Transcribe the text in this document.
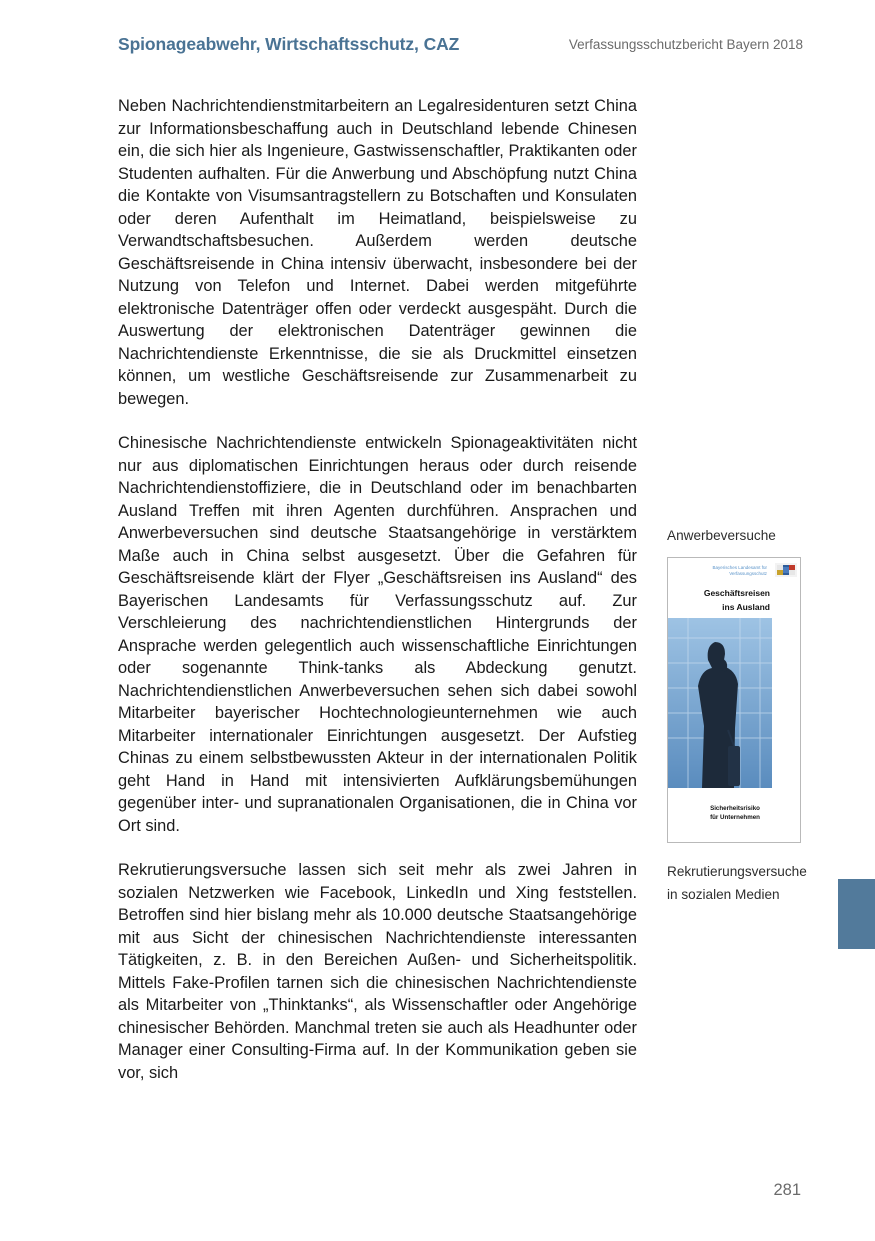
Spionageabwehr, Wirtschaftsschutz, CAZ	Verfassungsschutzbericht Bayern 2018

Neben Nachrichtendienstmitarbeitern an Legalresidenturen setzt China zur Informationsbeschaffung auch in Deutschland lebende Chinesen ein, die sich hier als Ingenieure, Gastwissenschaftler, Praktikanten oder Studenten aufhalten. Für die Anwerbung und Abschöpfung nutzt China die Kontakte von Visumsantragstellern zu Botschaften und Konsulaten oder deren Aufenthalt im Heimatland, beispielsweise zu Verwandtschaftsbesuchen. Außerdem werden deutsche Geschäftsreisende in China intensiv überwacht, insbesondere bei der Nutzung von Telefon und Internet. Dabei werden mitgeführte elektronische Datenträger offen oder verdeckt ausgespäht. Durch die Auswertung der elektronischen Datenträger gewinnen die Nachrichtendienste Erkenntnisse, die sie als Druckmittel einsetzen können, um westliche Geschäftsreisende zur Zusammenarbeit zu bewegen.

Chinesische Nachrichtendienste entwickeln Spionageaktivitäten nicht nur aus diplomatischen Einrichtungen heraus oder durch reisende Nachrichtendienstoffiziere, die in Deutschland oder im benachbarten Ausland Treffen mit ihren Agenten durchführen. Ansprachen und Anwerbeversuchen sind deutsche Staatsangehörige in verstärktem Maße auch in China selbst ausgesetzt. Über die Gefahren für Geschäftsreisende klärt der Flyer „Geschäftsreisen ins Ausland“ des Bayerischen Landesamts für Verfassungsschutz auf. Zur Verschleierung des nachrichtendienstlichen Hintergrunds der Ansprache werden gelegentlich auch wissenschaftliche Einrichtungen oder sogenannte Think-tanks als Abdeckung genutzt. Nachrichtendienstlichen Anwerbeversuchen sehen sich dabei sowohl Mitarbeiter bayerischer Hochtechnologieunternehmen wie auch Mitarbeiter internationaler Einrichtungen ausgesetzt. Der Aufstieg Chinas zu einem selbstbewussten Akteur in der internationalen Politik geht Hand in Hand mit intensivierten Aufklärungsbemühungen gegenüber inter- und supranationalen Organisationen, die in China vor Ort sind.

Rekrutierungsversuche lassen sich seit mehr als zwei Jahren in sozialen Netzwerken wie Facebook, LinkedIn und Xing feststellen. Betroffen sind hier bislang mehr als 10.000 deutsche Staatsangehörige mit aus Sicht der chinesischen Nachrichtendienste interessanten Tätigkeiten, z. B. in den Bereichen Außen- und Sicherheitspolitik. Mittels Fake-Profilen tarnen sich die chinesischen Nachrichtendienste als Mitarbeiter von „Thinktanks“, als Wissenschaftler oder Angehörige chinesischer Behörden. Manchmal treten sie auch als Headhunter oder Manager einer Consulting-Firma auf. In der Kommunikation geben sie vor, sich

Anwerbeversuche
Rekrutierungsversuche in sozialen Medien
Bayerisches Landesamt für Verfassungsschutz
Geschäftsreisen
ins Ausland
Sicherheitsrisiko
für Unternehmen
281
